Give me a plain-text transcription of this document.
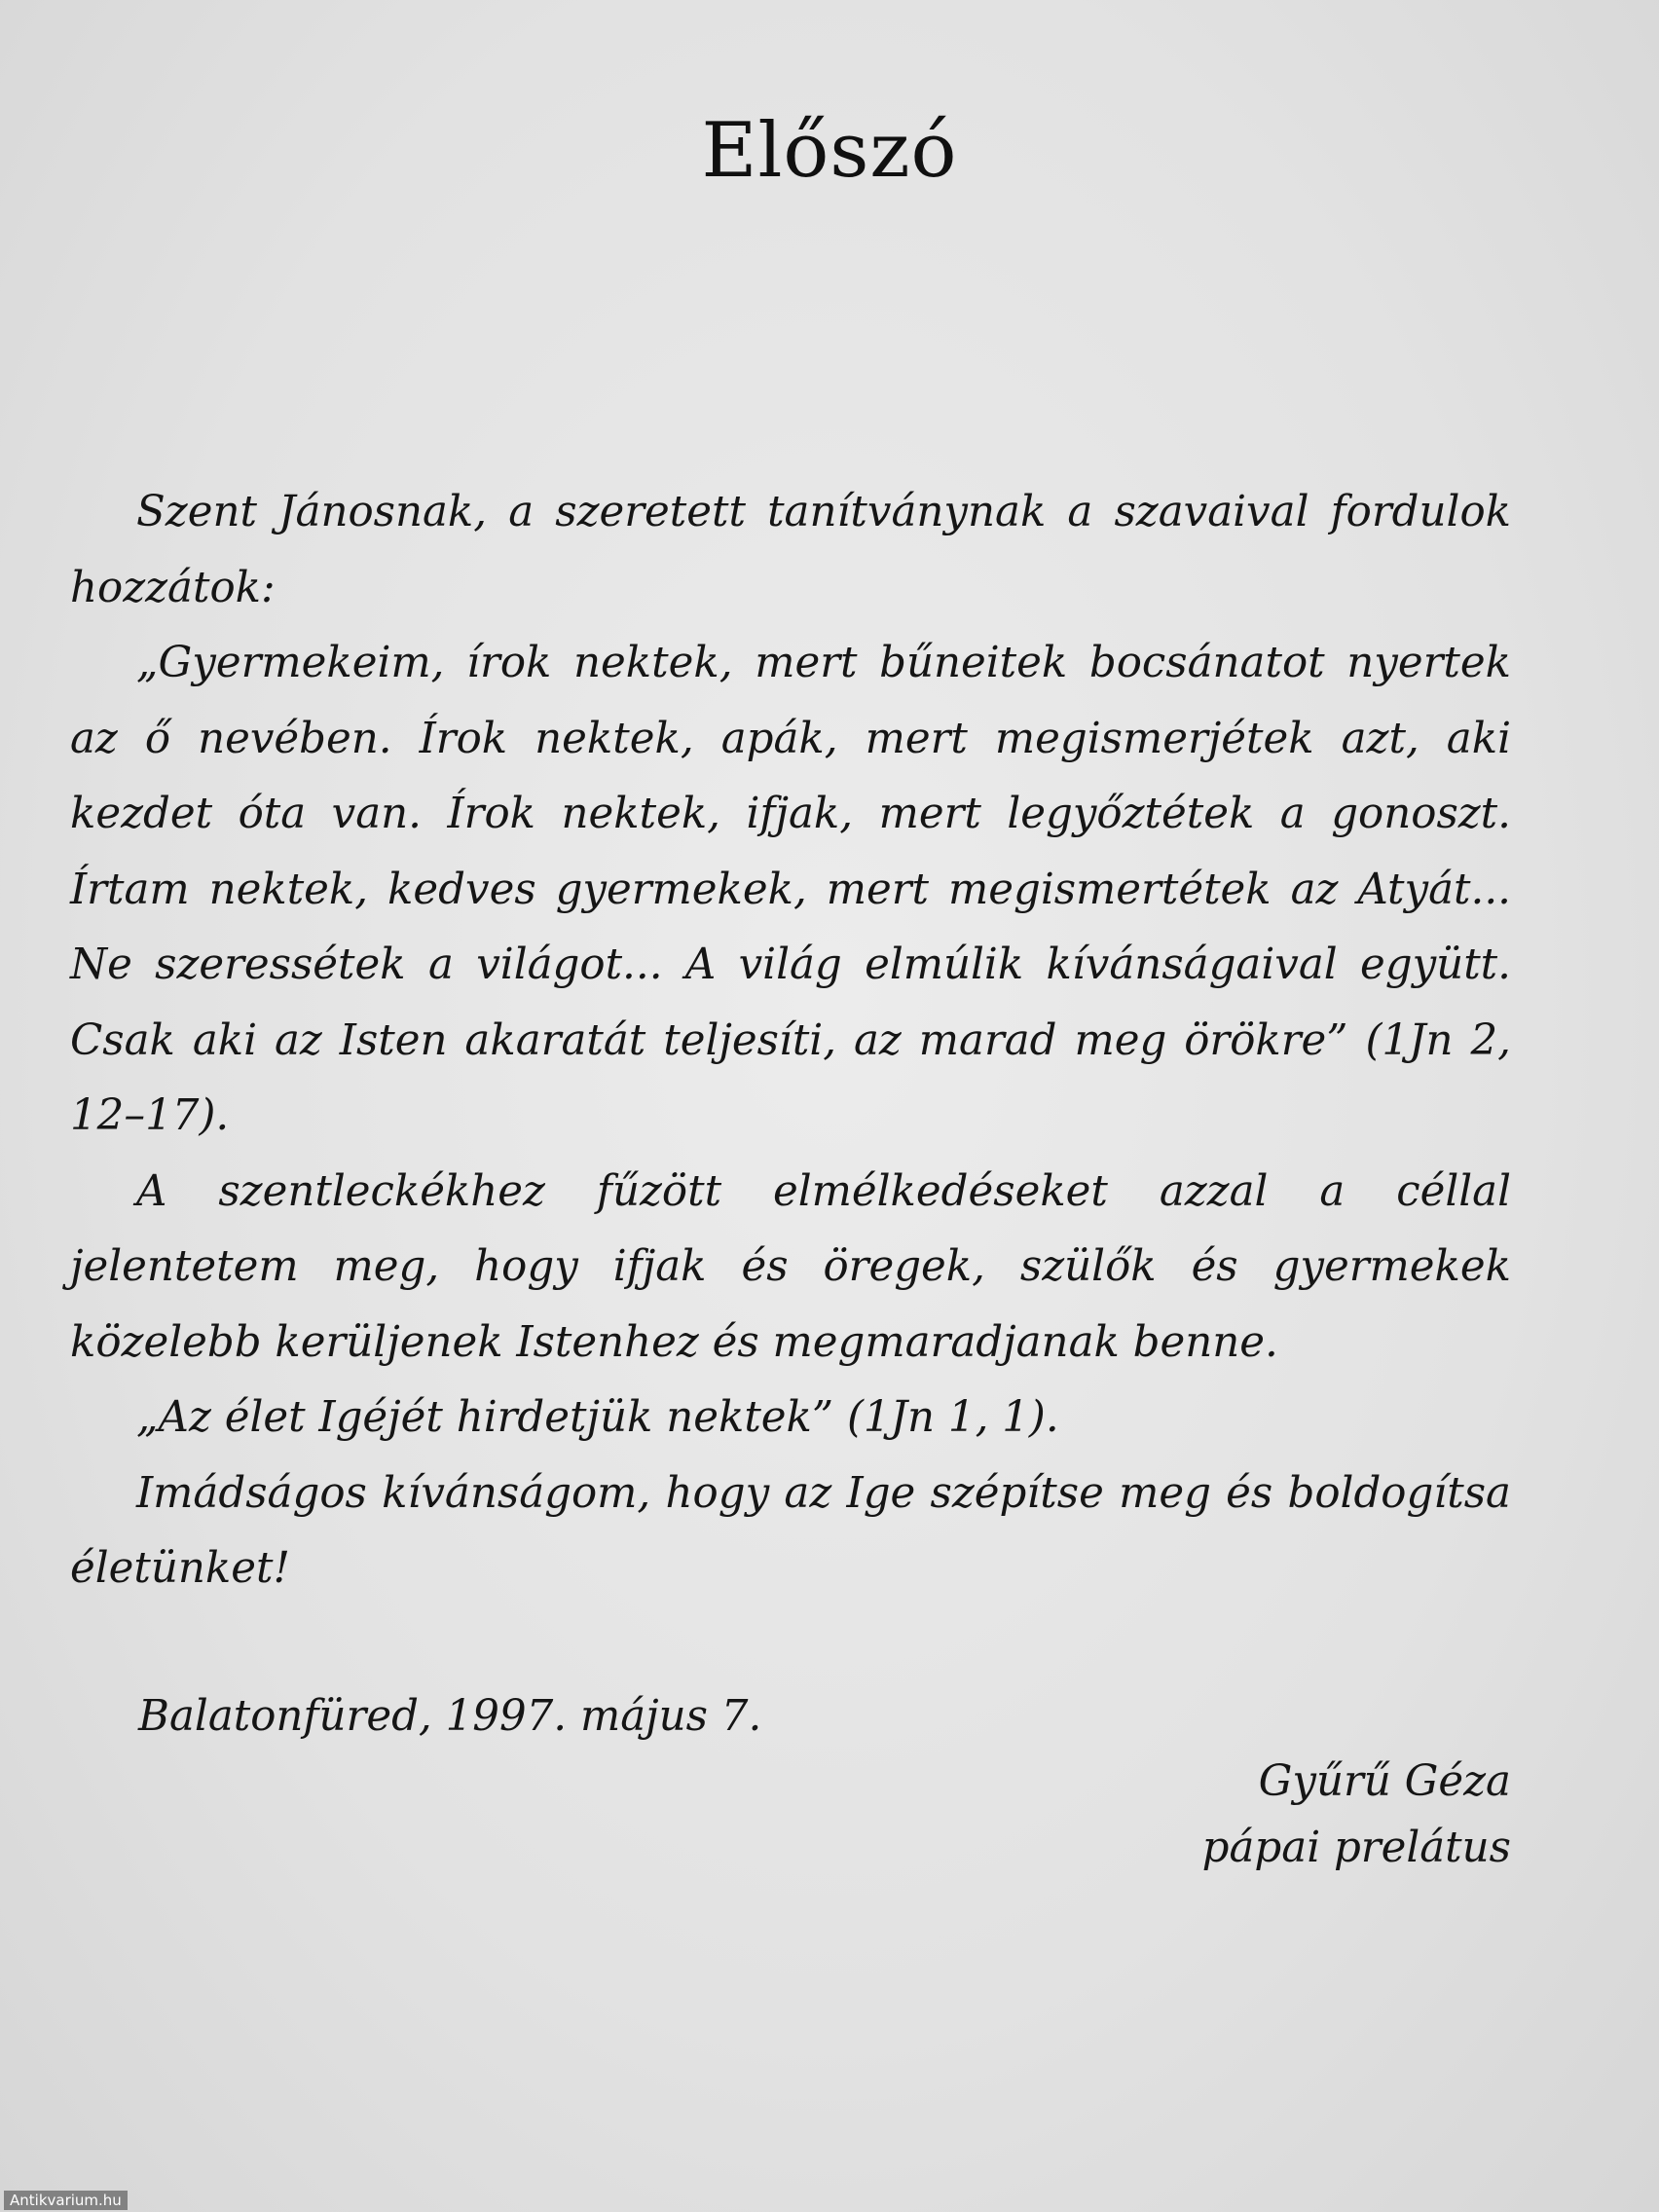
Előszó

Szent Jánosnak, a szeretett tanítványnak a szavaival fordulok hozzátok:

„Gyermekeim, írok nektek, mert bűneitek bocsánatot nyertek az ő nevében. Írok nektek, apák, mert megismerjétek azt, aki kezdet óta van. Írok nektek, ifjak, mert legyőztétek a gonoszt. Írtam nektek, kedves gyermekek, mert megismertétek az Atyát... Ne szeressétek a világot... A világ elmúlik kívánságaival együtt. Csak aki az Isten akaratát teljesíti, az marad meg örökre” (1Jn 2, 12–17).

A szentleckékhez fűzött elmélkedéseket azzal a céllal jelentetem meg, hogy ifjak és öregek, szülők és gyermekek közelebb kerüljenek Istenhez és megmaradjanak benne.

„Az élet Igéjét hirdetjük nektek” (1Jn 1, 1).

Imádságos kívánságom, hogy az Ige szépítse meg és boldogítsa életünket!

Balatonfüred, 1997. május 7.
Gyűrű Géza
pápai prelátus
Antikvarium.hu
